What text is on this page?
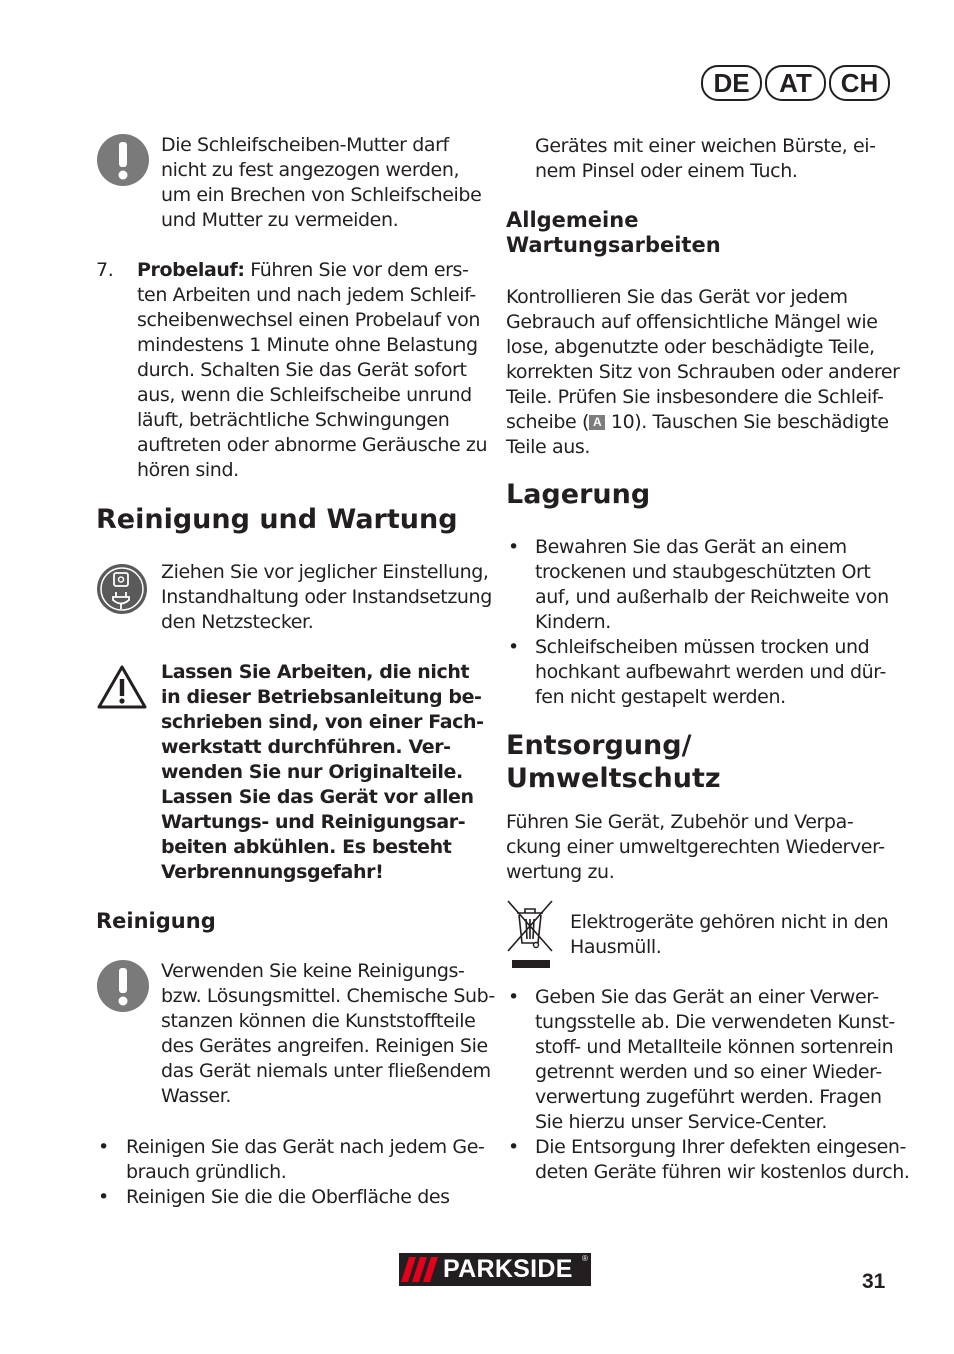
DE	AT	CH
Die Schleifscheiben-Mutter darf
nicht zu fest angezogen werden,
um ein Brechen von Schleifscheibe
und Mutter zu vermeiden.
7. Probelauf: Führen Sie vor dem ers-
ten Arbeiten und nach jedem Schleif-
scheibenwechsel einen Probelauf von
mindestens 1 Minute ohne Belastung
durch. Schalten Sie das Gerät sofort
aus, wenn die Schleifscheibe unrund
läuft, beträchtliche Schwingungen
auftreten oder abnorme Geräusche zu
hören sind.
Reinigung und Wartung
Ziehen Sie vor jeglicher Einstellung,
Instandhaltung oder Instandsetzung
den Netzstecker.
Lassen Sie Arbeiten, die nicht
in dieser Betriebsanleitung be-
schrieben sind, von einer Fach-
werkstatt durchführen. Ver-
wenden Sie nur Originalteile.
Lassen Sie das Gerät vor allen
Wartungs- und Reinigungsar-
beiten abkühlen. Es besteht
Verbrennungsgefahr!
Reinigung
Verwenden Sie keine Reinigungs-
bzw. Lösungsmittel. Chemische Sub-
stanzen können die Kunststoffteile
des Gerätes angreifen. Reinigen Sie
das Gerät niemals unter fließendem
Wasser.
• Reinigen Sie das Gerät nach jedem Ge-
brauch gründlich.
• Reinigen Sie die die Oberfläche des
Gerätes mit einer weichen Bürste, ei-
nem Pinsel oder einem Tuch.
Allgemeine
Wartungsarbeiten
Kontrollieren Sie das Gerät vor jedem
Gebrauch auf offensichtliche Mängel wie
lose, abgenutzte oder beschädigte Teile,
korrekten Sitz von Schrauben oder anderer
Teile. Prüfen Sie insbesondere die Schleif-
scheibe ( A 10). Tauschen Sie beschädigte
Teile aus.
Lagerung
• Bewahren Sie das Gerät an einem
trockenen und staubgeschützten Ort
auf, und außerhalb der Reichweite von
Kindern.
• Schleifscheiben müssen trocken und
hochkant aufbewahrt werden und dür-
fen nicht gestapelt werden.
Entsorgung/
Umweltschutz
Führen Sie Gerät, Zubehör und Verpa-
ckung einer umweltgerechten Wiederver-
wertung zu.
Elektrogeräte gehören nicht in den
Hausmüll.
• Geben Sie das Gerät an einer Verwer-
tungsstelle ab. Die verwendeten Kunst-
stoff- und Metallteile können sortenrein
getrennt werden und so einer Wieder-
verwertung zugeführt werden. Fragen
Sie hierzu unser Service-Center.
• Die Entsorgung Ihrer defekten eingesen-
deten Geräte führen wir kostenlos durch.
PARKSIDE ®
31
